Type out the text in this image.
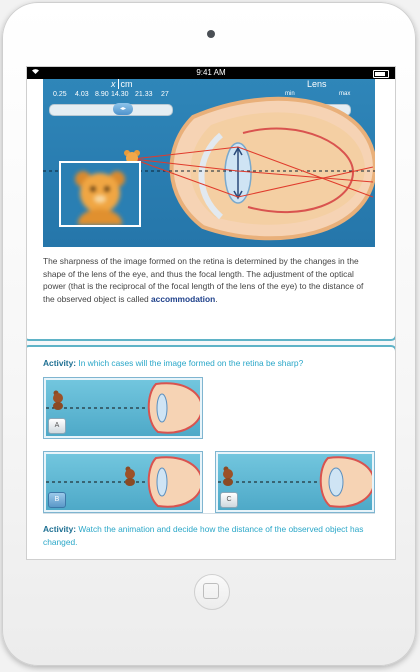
9:41 AM
x cm
0.25 4.03 8.90 14.30 21.33 27
◂▸
Lens
min	max
The sharpness of the image formed on the retina is determined by the changes in the shape of the lens of the eye, and thus the focal length. The adjustment of the optical power (that is the reciprocal of the focal length of the lens of the eye) to the distance of the observed object is called accommodation.
Activity: In which cases will the image formed on the retina be sharp?
A
B	C
Activity: Watch the animation and decide how the distance of the observed object has changed.
